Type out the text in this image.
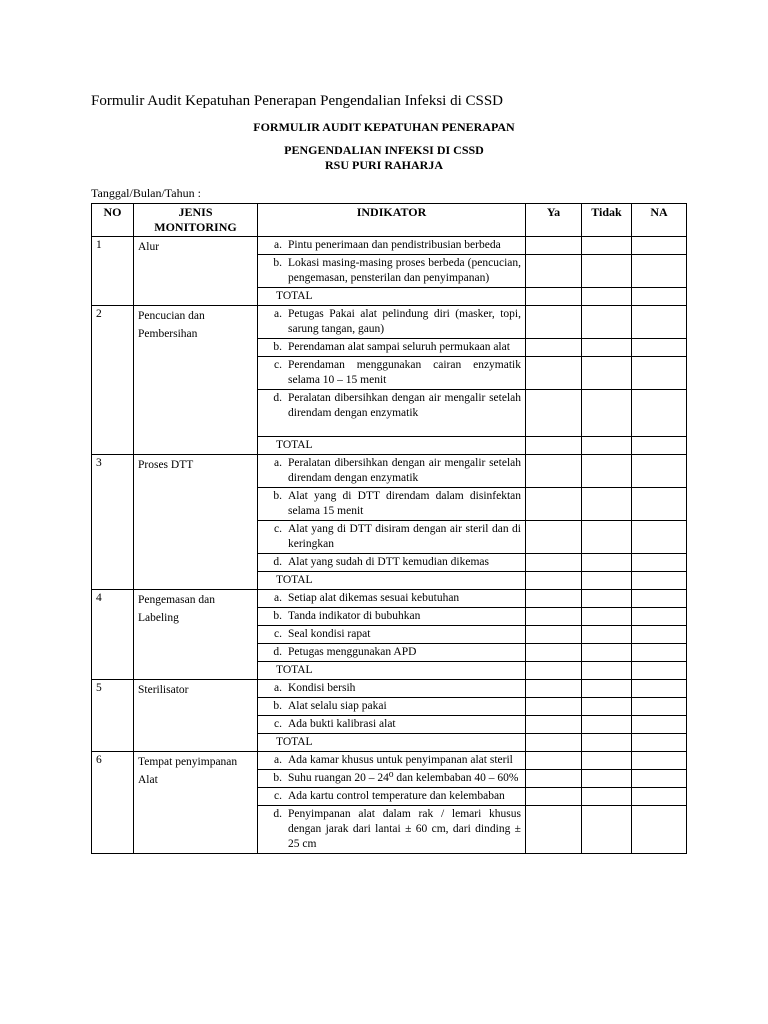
Formulir Audit Kepatuhan Penerapan Pengendalian Infeksi di CSSD
FORMULIR AUDIT KEPATUHAN PENERAPAN
PENGENDALIAN INFEKSI DI CSSD
RSU PURI RAHARJA
Tanggal/Bulan/Tahun :
NO	JENIS MONITORING	INDIKATOR	Ya	Tidak	NA
1	Alur	a. Pintu penerimaan dan pendistribusian berbeda			

		b. Lokasi masing-masing proses berbeda (pencucian, pengemasan, pensterilan dan penyimpanan)			

		TOTAL			
2	Pencucian dan Pembersihan	a. Petugas Pakai alat pelindung diri (masker, topi, sarung tangan, gaun)			

		b. Perendaman alat sampai seluruh permukaan alat			

		c. Perendaman menggunakan cairan enzymatik selama 10 – 15 menit			

		d. Peralatan dibersihkan dengan air mengalir setelah direndam dengan enzymatik			

		TOTAL			
3	Proses DTT	a. Peralatan dibersihkan dengan air mengalir setelah direndam dengan enzymatik			

		b. Alat yang di DTT direndam dalam disinfektan selama 15 menit			

		c. Alat yang di DTT disiram dengan air steril dan di keringkan			

		d. Alat yang sudah di DTT kemudian dikemas			

		TOTAL			
4	Pengemasan dan Labeling	a. Setiap alat dikemas sesuai kebutuhan			

		b. Tanda indikator di bubuhkan			

		c. Seal kondisi rapat			

		d. Petugas menggunakan APD			

		TOTAL			
5	Sterilisator	a. Kondisi bersih			

		b. Alat selalu siap pakai			

		c. Ada bukti kalibrasi alat			

		TOTAL			
6	Tempat penyimpanan Alat	a. Ada kamar khusus untuk penyimpanan alat steril			

		b. Suhu ruangan 20 – 24⁰ dan kelembaban 40 – 60%			

		c. Ada kartu control temperature dan kelembaban			

		d. Penyimpanan alat dalam rak / lemari khusus dengan jarak dari lantai ± 60 cm, dari dinding ± 25 cm			
